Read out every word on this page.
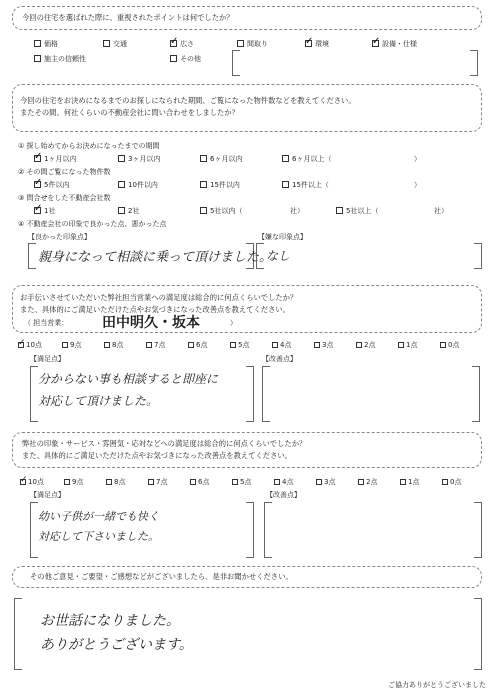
今回の住宅を選ばれた際に、重視されたポイントは何でしたか？
価格	交通 ✓	広さ	間取り ✓	環境 ✓	設備・仕様
施主の信頼性	その他
今回の住宅をお決めになるまでのお探しになられた期間、ご覧になった物件数などを教えてください。
またその間、何社くらいの不動産会社に問い合わせをしましたか？
① 探し始めてからお決めになったまでの期間
✓
1ヶ月以内	3ヶ月以内	6ヶ月以内	6ヶ月以上（	）
② その間ご覧になった物件数
✓
5件以内	10件以内	15件以内	15件以上（	）
③ 問合せをした不動産会社数
✓
1社	2社	5社以内（	社）	5社以上（	社）
④ 不動産会社の印象で良かった点、悪かった点
【良かった印象点】
親身になって相談に乗って頂けました。
【嫌な印象点】
なし
お手伝いさせていただいた弊社担当営業への満足度は総合的に何点くらいでしたか？
また、具体的にご満足いただけた点やお気づきになった改善点を教えてください。
（ 担当営業： 田中明久・坂本	）
✓10点	9点	8点	7点	6点	5点	4点	3点	2点	1点	0点
【満足点】
分からない事も相談すると即座に
対応して頂けました。
【改善点】
弊社の印象・サービス・雰囲気・応対などへの満足度は総合的に何点くらいでしたか？
また、具体的にご満足いただけた点やお気づきになった改善点を教えてください。
✓10点	9点	8点	7点	6点	5点	4点	3点	2点	1点	0点
【満足点】
幼い子供が一緒でも快く
対応して下さいました。
【改善点】
その他ご意見・ご要望・ご感想などがございましたら、是非お聞かせください。
お世話になりました。
ありがとうございます。
ご協力ありがとうございました
